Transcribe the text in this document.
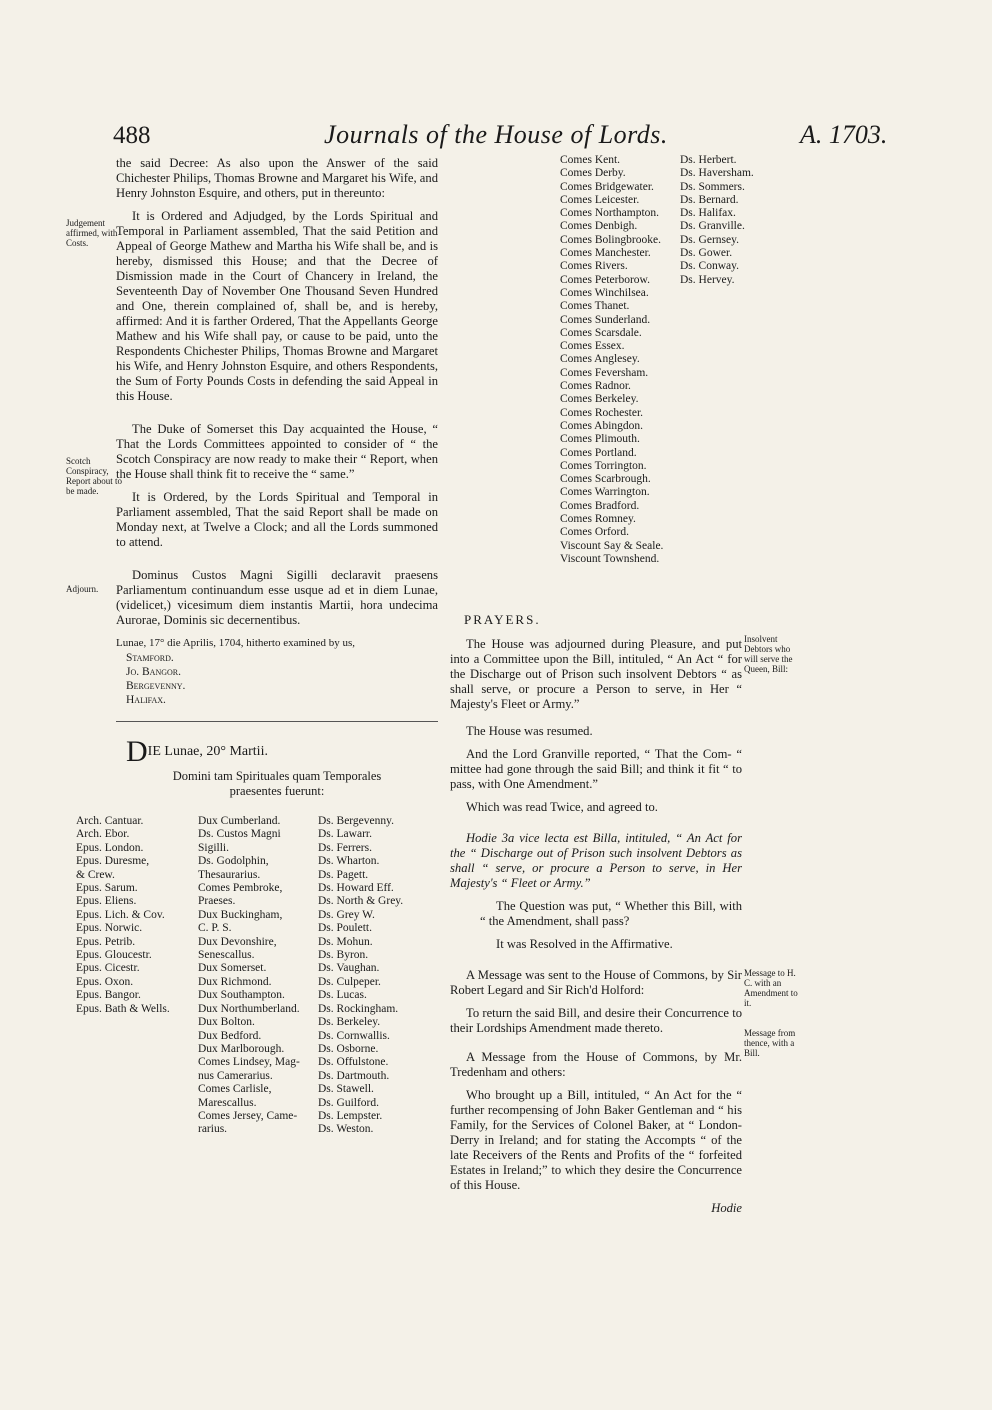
488	Journals of the House of Lords.	A. 1703.

the said Decree: As also upon the Answer of the said Chichester Philips, Thomas Browne and Margaret his Wife, and Henry Johnston Esquire, and others, put in thereunto:

It is Ordered and Adjudged, by the Lords Spiritual and Temporal in Parliament assembled, That the said Petition and Appeal of George Mathew and Martha his Wife shall be, and is hereby, dismissed this House; and that the Decree of Dismission made in the Court of Chancery in Ireland, the Seventeenth Day of November One Thousand Seven Hundred and One, therein complained of, shall be, and is hereby, affirmed: And it is farther Ordered, That the Appellants George Mathew and his Wife shall pay, or cause to be paid, unto the Respondents Chichester Philips, Thomas Browne and Margaret his Wife, and Henry Johnston Esquire, and others Respondents, the Sum of Forty Pounds Costs in defending the said Appeal in this House.

The Duke of Somerset this Day acquainted the House, “ That the Lords Committees appointed to consider of “ the Scotch Conspiracy are now ready to make their “ Report, when the House shall think fit to receive the “ same.”

It is Ordered, by the Lords Spiritual and Temporal in Parliament assembled, That the said Report shall be made on Monday next, at Twelve a Clock; and all the Lords summoned to attend.

Dominus Custos Magni Sigilli declaravit praesens Parliamentum continuandum esse usque ad et in diem Lunae, (videlicet,) vicesimum diem instantis Martii, hora undecima Aurorae, Dominis sic decernentibus.

Lunae, 17° die Aprilis, 1704, hitherto examined by us,
Stamford.
Jo. Bangor.
Bergevenny.
Halifax.
DIE Lunae, 20° Martii.
Domini tam Spirituales quam Temporales praesentes fuerunt:
Arch. Cantuar.
Arch. Ebor.
Epus. London.
Epus. Duresme,
& Crew.
Epus. Sarum.
Epus. Eliens.
Epus. Lich. & Cov.
Epus. Norwic.
Epus. Petrib.
Epus. Gloucestr.
Epus. Cicestr.
Epus. Oxon.
Epus. Bangor.
Epus. Bath & Wells.
Dux Cumberland.
Ds. Custos Magni
Sigilli.
Ds. Godolphin,
Thesaurarius.
Comes Pembroke,
Praeses.
Dux Buckingham,
C. P. S.
Dux Devonshire,
Senescallus.
Dux Somerset.
Dux Richmond.
Dux Southampton.
Dux Northumberland.
Dux Bolton.
Dux Bedford.
Dux Marlborough.
Comes Lindsey, Mag-
nus Camerarius.
Comes Carlisle,
Marescallus.
Comes Jersey, Came-
rarius.
Ds. Bergevenny.
Ds. Lawarr.
Ds. Ferrers.
Ds. Wharton.
Ds. Pagett.
Ds. Howard Eff.
Ds. North & Grey.
Ds. Grey W.
Ds. Poulett.
Ds. Mohun.
Ds. Byron.
Ds. Vaughan.
Ds. Culpeper.
Ds. Lucas.
Ds. Rockingham.
Ds. Berkeley.
Ds. Cornwallis.
Ds. Osborne.
Ds. Offulstone.
Ds. Dartmouth.
Ds. Stawell.
Ds. Guilford.
Ds. Lempster.
Ds. Weston.
Comes Kent.
Comes Derby.
Comes Bridgewater.
Comes Leicester.
Comes Northampton.
Comes Denbigh.
Comes Bolingbrooke.
Comes Manchester.
Comes Rivers.
Comes Peterborow.
Comes Winchilsea.
Comes Thanet.
Comes Sunderland.
Comes Scarsdale.
Comes Essex.
Comes Anglesey.
Comes Feversham.
Comes Radnor.
Comes Berkeley.
Comes Rochester.
Comes Abingdon.
Comes Plimouth.
Comes Portland.
Comes Torrington.
Comes Scarbrough.
Comes Warrington.
Comes Bradford.
Comes Romney.
Comes Orford.
Viscount Say & Seale.
Viscount Townshend.
Ds. Herbert.
Ds. Haversham.
Ds. Sommers.
Ds. Bernard.
Ds. Halifax.
Ds. Granville.
Ds. Gernsey.
Ds. Gower.
Ds. Conway.
Ds. Hervey.
PRAYERS.

The House was adjourned during Pleasure, and put into a Committee upon the Bill, intituled, “ An Act “ for the Discharge out of Prison such insolvent Debtors “ as shall serve, or procure a Person to serve, in Her “ Majesty's Fleet or Army.”

The House was resumed.

And the Lord Granville reported, “ That the Com- “ mittee had gone through the said Bill; and think it fit “ to pass, with One Amendment.”

Which was read Twice, and agreed to.

Hodie 3a vice lecta est Billa, intituled, “ An Act for the “ Discharge out of Prison such insolvent Debtors as shall “ serve, or procure a Person to serve, in Her Majesty's “ Fleet or Army.”

The Question was put, “ Whether this Bill, with “ the Amendment, shall pass?

It was Resolved in the Affirmative.

A Message was sent to the House of Commons, by Sir Robert Legard and Sir Rich'd Holford:

To return the said Bill, and desire their Concurrence to their Lordships Amendment made thereto.

A Message from the House of Commons, by Mr. Tredenham and others:

Who brought up a Bill, intituled, “ An Act for the “ further recompensing of John Baker Gentleman and “ his Family, for the Services of Colonel Baker, at “ London-Derry in Ireland; and for stating the Accompts “ of the late Receivers of the Rents and Profits of the “ forfeited Estates in Ireland;” to which they desire the Concurrence of this House.

Hodie
Judgement affirmed, with Costs.
Scotch Conspiracy, Report about to be made.
Adjourn.
Insolvent Debtors who will serve the Queen, Bill:
Message to H. C. with an Amendment to it.
Message from thence, with a Bill.
